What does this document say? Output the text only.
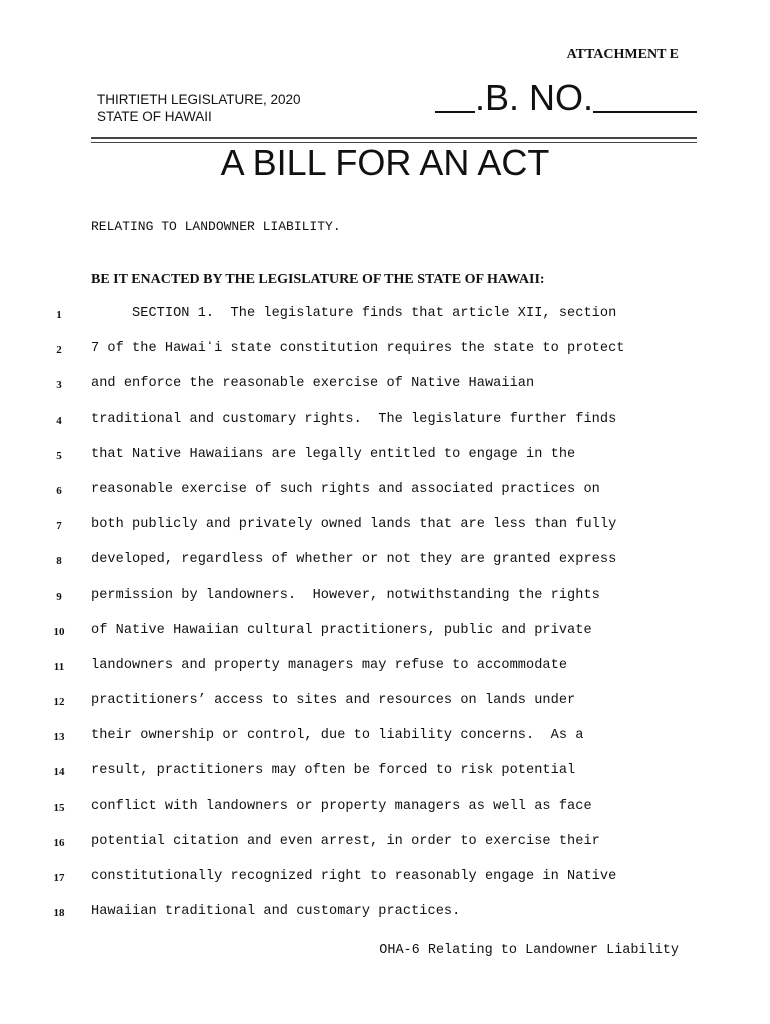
ATTACHMENT E
THIRTIETH LEGISLATURE, 2020
STATE OF HAWAII	.B. NO.
A BILL FOR AN ACT
RELATING TO LANDOWNER LIABILITY.
BE IT ENACTED BY THE LEGISLATURE OF THE STATE OF HAWAII:
1	SECTION 1.  The legislature finds that article XII, section
2	7 of the Hawaiʻi state constitution requires the state to protect
3	and enforce the reasonable exercise of Native Hawaiian
4	traditional and customary rights.  The legislature further finds
5	that Native Hawaiians are legally entitled to engage in the
6	reasonable exercise of such rights and associated practices on
7	both publicly and privately owned lands that are less than fully
8	developed, regardless of whether or not they are granted express
9	permission by landowners.  However, notwithstanding the rights
10	of Native Hawaiian cultural practitioners, public and private
11	landowners and property managers may refuse to accommodate
12	practitioners’ access to sites and resources on lands under
13	their ownership or control, due to liability concerns.  As a
14	result, practitioners may often be forced to risk potential
15	conflict with landowners or property managers as well as face
16	potential citation and even arrest, in order to exercise their
17	constitutionally recognized right to reasonably engage in Native
18	Hawaiian traditional and customary practices.
OHA-6 Relating to Landowner Liability
